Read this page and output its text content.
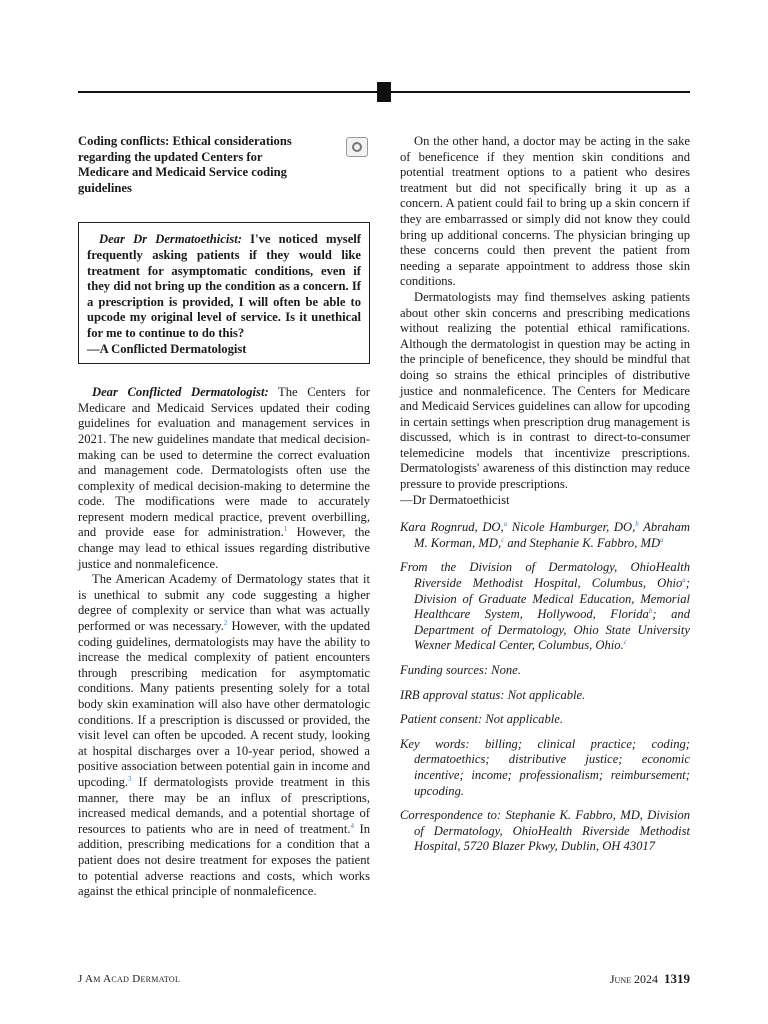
Coding conflicts: Ethical considerations regarding the updated Centers for Medicare and Medicaid Service coding guidelines

Dear Dr Dermatoethicist: I've noticed myself frequently asking patients if they would like treatment for asymptomatic conditions, even if they did not bring up the condition as a concern. If a prescription is provided, I will often be able to upcode my original level of service. Is it unethical for me to continue to do this?

—A Conflicted Dermatologist

Dear Conflicted Dermatologist: The Centers for Medicare and Medicaid Services updated their coding guidelines for evaluation and management services in 2021. The new guidelines mandate that medical decision-making can be used to determine the correct evaluation and management code. Dermatologists often use the complexity of medical decision-making to determine the code. The modifications were made to accurately represent modern medical practice, prevent overbilling, and provide ease for administration.$^1$ However, the change may lead to ethical issues regarding distributive justice and nonmaleficence.

The American Academy of Dermatology states that it is unethical to submit any code suggesting a higher degree of complexity or service than what was actually performed or was necessary.$^2$ However, with the updated coding guidelines, dermatologists may have the ability to increase the medical complexity of patient encounters through prescribing medication for asymptomatic conditions. Many patients presenting solely for a total body skin examination will also have other dermatologic conditions. If a prescription is discussed or provided, the visit level can often be upcoded. A recent study, looking at hospital discharges over a 10-year period, showed a positive association between potential gain in income and upcoding.$^3$ If dermatologists provide treatment in this manner, there may be an influx of prescriptions, increased medical demands, and a potential shortage of resources to patients who are in need of treatment.$^4$ In addition, prescribing medications for a condition that a patient does not desire treatment for exposes the patient to potential adverse reactions and costs, which works against the ethical principle of nonmaleficence.

On the other hand, a doctor may be acting in the sake of beneficence if they mention skin conditions and potential treatment options to a patient who desires treatment but did not specifically bring it up as a concern. A patient could fail to bring up a skin concern if they are embarrassed or simply did not know they could bring up additional concerns. The physician bringing up these concerns could then prevent the patient from needing a separate appointment to address those skin conditions.

Dermatologists may find themselves asking patients about other skin concerns and prescribing medications without realizing the potential ethical ramifications. Although the dermatologist in question may be acting in the principle of beneficence, they should be mindful that doing so strains the ethical principles of distributive justice and nonmaleficence. The Centers for Medicare and Medicaid Services guidelines can allow for upcoding in certain settings when prescription drug management is discussed, which is in contrast to direct-to-consumer telemedicine models that incentivize prescriptions. Dermatologists' awareness of this distinction may reduce pressure to provide prescriptions.

—Dr Dermatoethicist

Kara Rognrud, DO,$^a$ Nicole Hamburger, DO,$^b$ Abraham M. Korman, MD,$^c$ and Stephanie K. Fabbro, $MD^a$

From the Division of Dermatology, OhioHealth Riverside Methodist Hospital, Columbus, Ohio$^a$; Division of Graduate Medical Education, Memorial Healthcare System, Hollywood, Florida$^b$; and Department of Dermatology, Ohio State University Wexner Medical Center, Columbus, Ohio.$^c$

Funding sources: None.

IRB approval status: Not applicable.

Patient consent: Not applicable.

Key words: billing; clinical practice; coding; dermatoethics; distributive justice; economic incentive; income; professionalism; reimbursement; upcoding.

Correspondence to: Stephanie K. Fabbro, MD, Division of Dermatology, OhioHealth Riverside Methodist Hospital, 5720 Blazer Pkwy, Dublin, OH 43017

J Am Acad Dermatol	June 2024 1319
